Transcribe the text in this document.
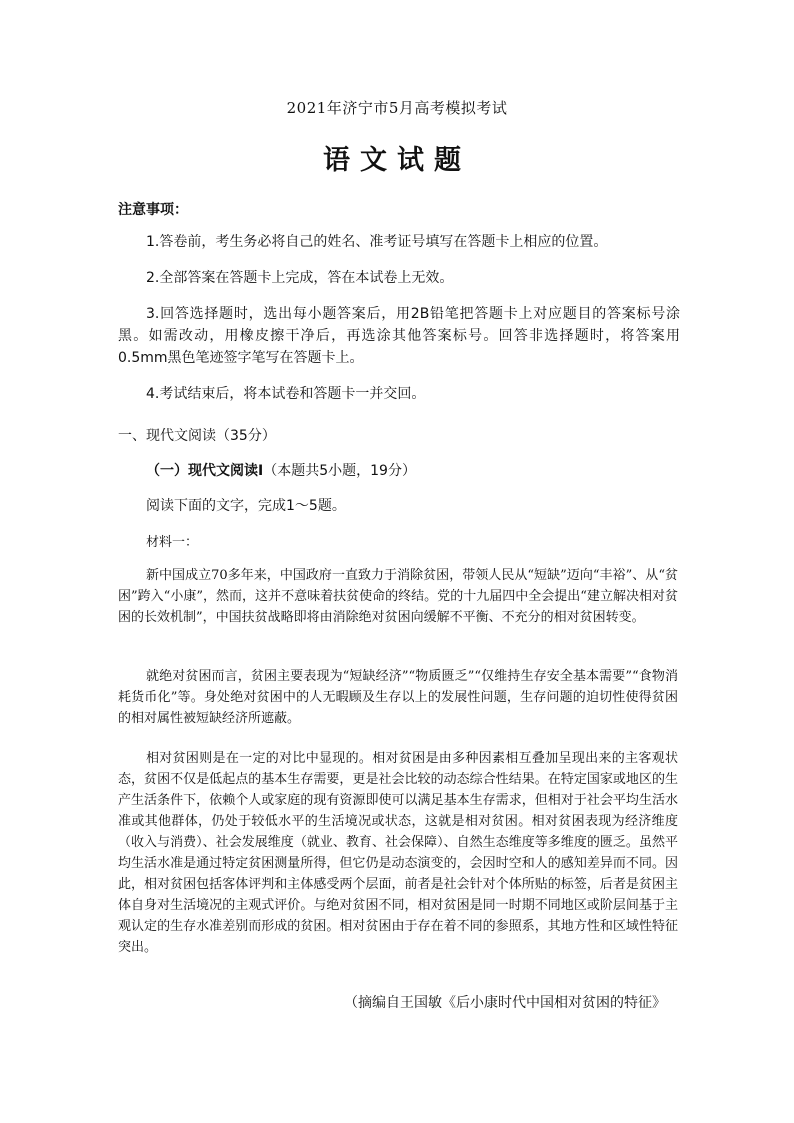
2021年济宁市5月高考模拟考试
语文试题
注意事项：
1.答卷前，考生务必将自己的姓名、准考证号填写在答题卡上相应的位置。
2.全部答案在答题卡上完成，答在本试卷上无效。
3.回答选择题时，选出每小题答案后，用2B铅笔把答题卡上对应题目的答案标号涂黑。如需改动，用橡皮擦干净后，再选涂其他答案标号。回答非选择题时，将答案用0.5mm黑色笔迹签字笔写在答题卡上。
4.考试结束后，将本试卷和答题卡一并交回。
一、现代文阅读（35分）
（一）现代文阅读Ⅰ（本题共5小题，19分）
阅读下面的文字，完成1～5题。
材料一：
新中国成立70多年来，中国政府一直致力于消除贫困，带领人民从“短缺”迈向“丰裕”、从“贫困”跨入“小康”，然而，这并不意味着扶贫使命的终结。党的十九届四中全会提出“建立解决相对贫困的长效机制”，中国扶贫战略即将由消除绝对贫困向缓解不平衡、不充分的相对贫困转变。
就绝对贫困而言，贫困主要表现为“短缺经济”“物质匮乏”“仅维持生存安全基本需要”“食物消耗货币化”等。身处绝对贫困中的人无暇顾及生存以上的发展性问题，生存问题的迫切性使得贫困的相对属性被短缺经济所遮蔽。
相对贫困则是在一定的对比中显现的。相对贫困是由多种因素相互叠加呈现出来的主客观状态，贫困不仅是低起点的基本生存需要，更是社会比较的动态综合性结果。在特定国家或地区的生产生活条件下，依赖个人或家庭的现有资源即使可以满足基本生存需求，但相对于社会平均生活水准或其他群体，仍处于较低水平的生活境况或状态，这就是相对贫困。相对贫困表现为经济维度（收入与消费）、社会发展维度（就业、教育、社会保障）、自然生态维度等多维度的匮乏。虽然平均生活水准是通过特定贫困测量所得，但它仍是动态演变的，会因时空和人的感知差异而不同。因此，相对贫困包括客体评判和主体感受两个层面，前者是社会针对个体所贴的标签，后者是贫困主体自身对生活境况的主观式评价。与绝对贫困不同，相对贫困是同一时期不同地区或阶层间基于主观认定的生存水准差别而形成的贫困。相对贫困由于存在着不同的参照系，其地方性和区域性特征突出。
（摘编自王国敏《后小康时代中国相对贫困的特征》
